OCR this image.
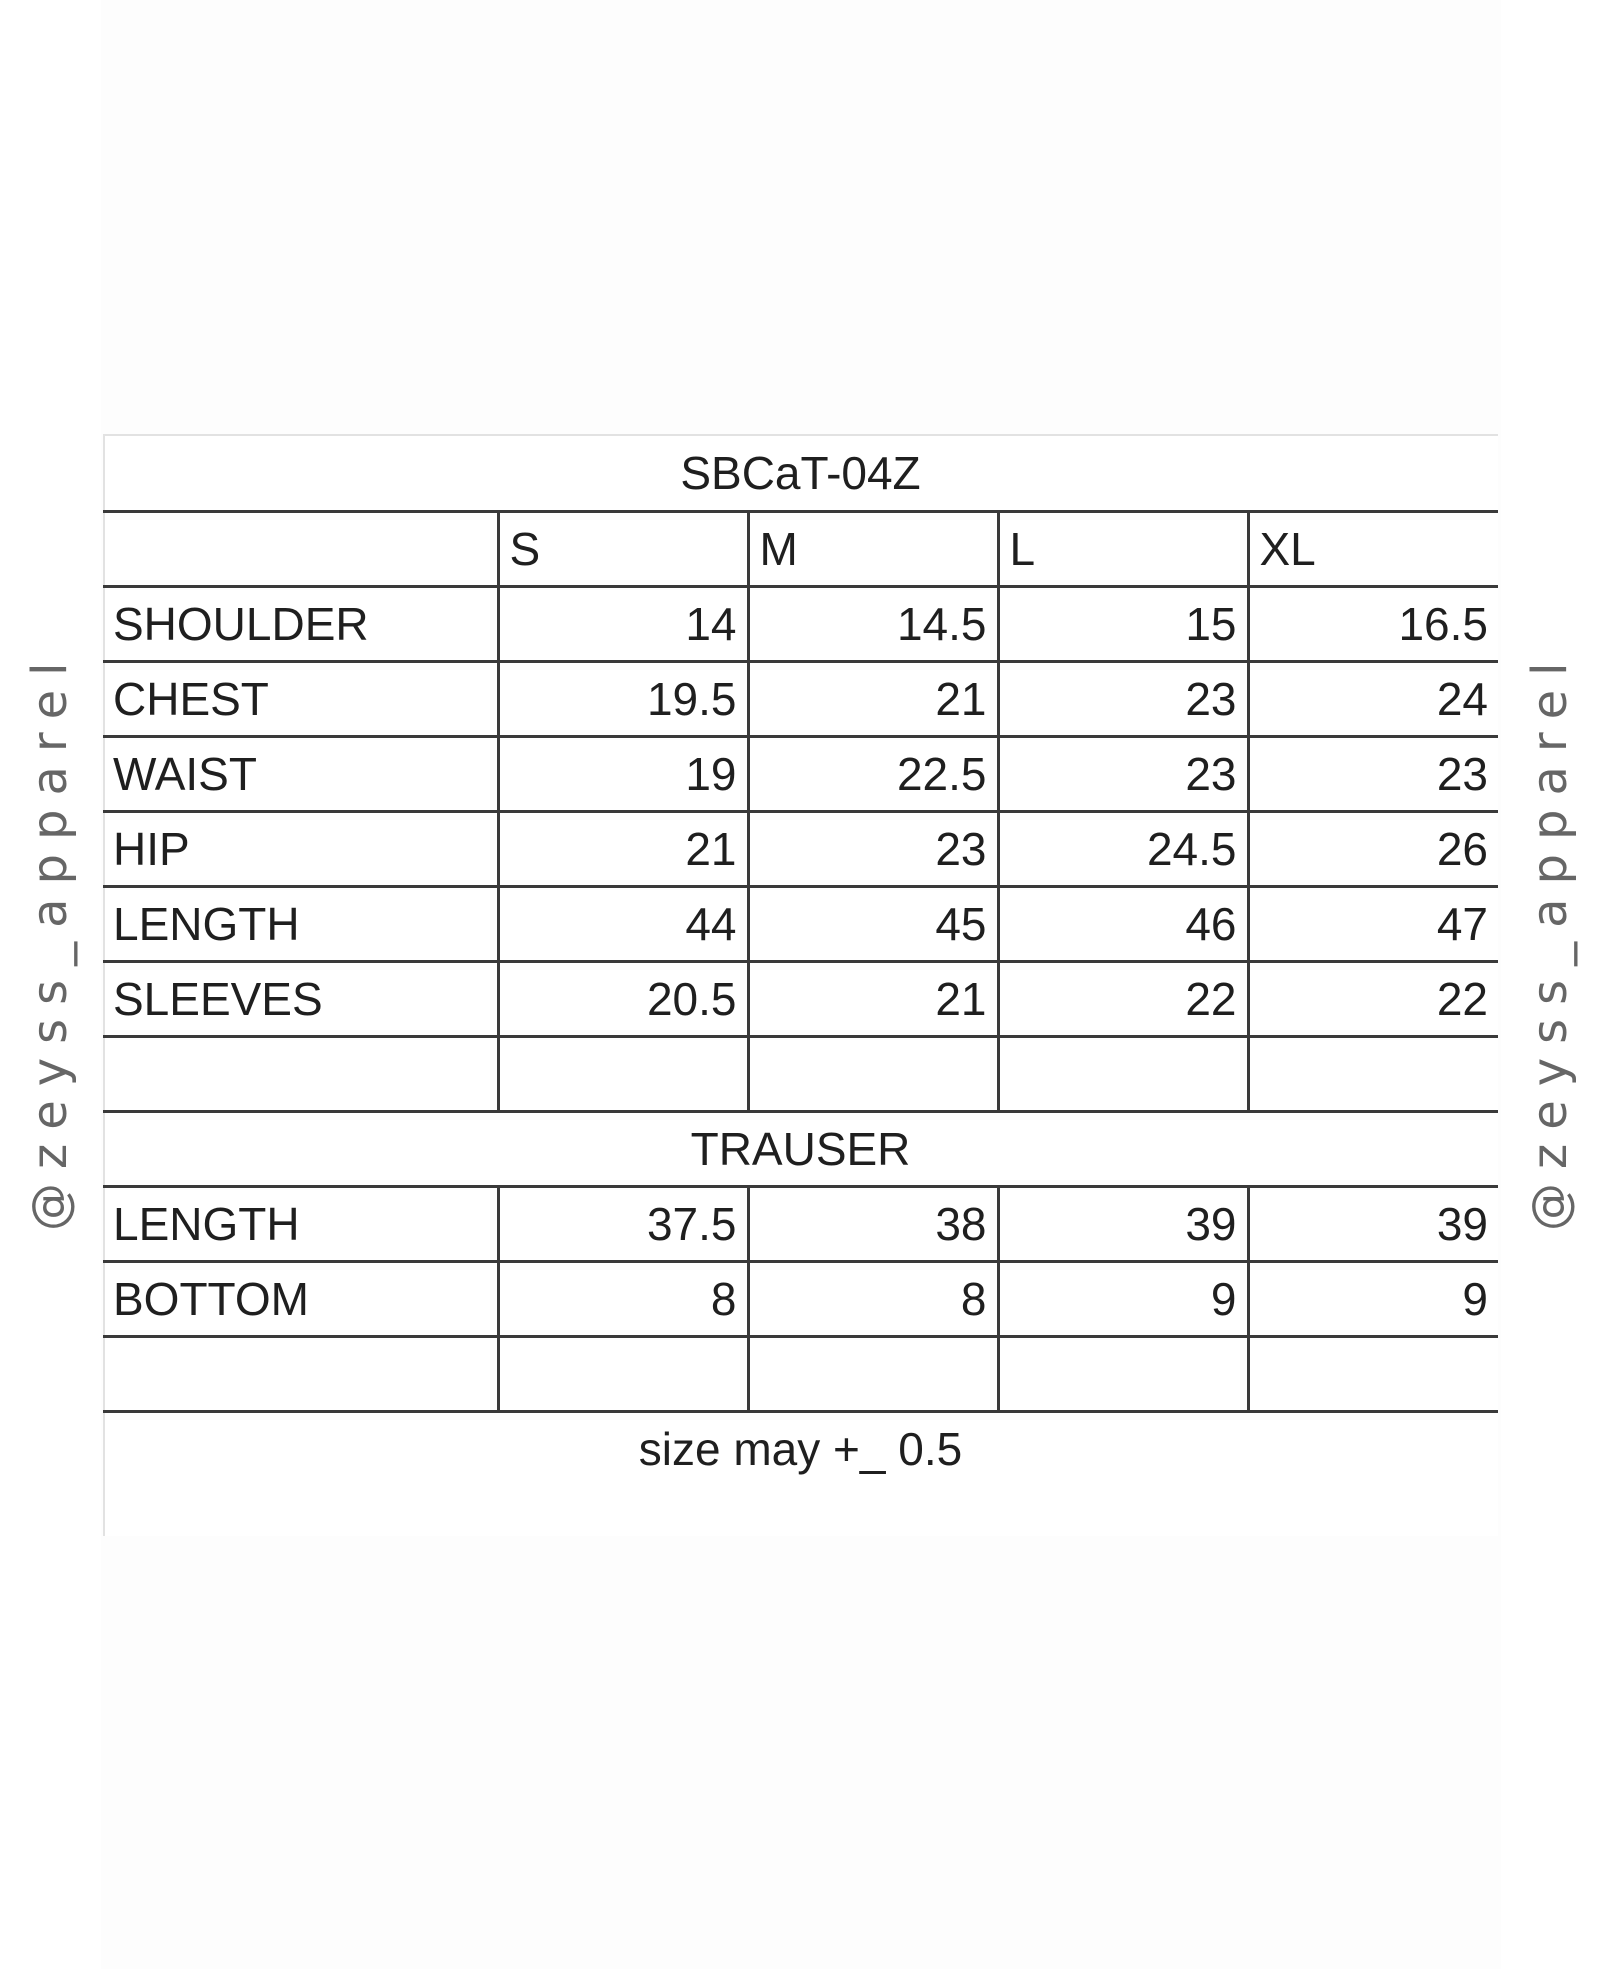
@zeyss_apparel	@zeyss_apparel
SBCaT-04Z				
	S	M	L	XL
SHOULDER	14	14.5	15	16.5
CHEST	19.5	21	23	24
WAIST	19	22.5	23	23
HIP	21	23	24.5	26
LENGTH	44	45	46	47
SLEEVES	20.5	21	22	22

TRAUSER				
LENGTH	37.5	38	39	39
BOTTOM	8	8	9	9

size may +_ 0.5				
